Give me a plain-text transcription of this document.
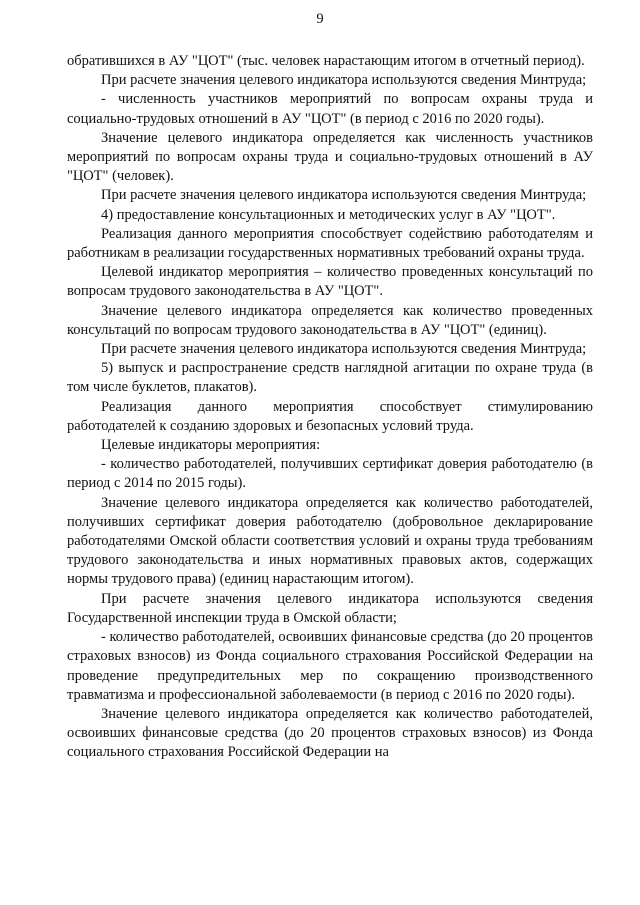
9

обратившихся в АУ "ЦОТ" (тыс. человек нарастающим итогом в отчетный период).

При расчете значения целевого индикатора используются сведения Минтруда;

- численность участников мероприятий по вопросам охраны труда и социально-трудовых отношений в АУ "ЦОТ" (в период с 2016 по 2020 годы).

Значение целевого индикатора определяется как численность участников мероприятий по вопросам охраны труда и социально-трудовых отношений в АУ "ЦОТ" (человек).

При расчете значения целевого индикатора используются сведения Минтруда;

4) предоставление консультационных и методических услуг в АУ "ЦОТ".

Реализация данного мероприятия способствует содействию работодателям и работникам в реализации государственных нормативных требований охраны труда.

Целевой индикатор мероприятия – количество проведенных консультаций по вопросам трудового законодательства в АУ "ЦОТ".

Значение целевого индикатора определяется как количество проведенных консультаций по вопросам трудового законодательства в АУ "ЦОТ" (единиц).

При расчете значения целевого индикатора используются сведения Минтруда;

5) выпуск и распространение средств наглядной агитации по охране труда (в том числе буклетов, плакатов).

Реализация данного мероприятия способствует стимулированию работодателей к созданию здоровых и безопасных условий труда.

Целевые индикаторы мероприятия:

- количество работодателей, получивших сертификат доверия работодателю (в период с 2014 по 2015 годы).

Значение целевого индикатора определяется как количество работодателей, получивших сертификат доверия работодателю (добровольное декларирование работодателями Омской области соответствия условий и охраны труда требованиям трудового законодательства и иных нормативных правовых актов, содержащих нормы трудового права) (единиц нарастающим итогом).

При расчете значения целевого индикатора используются сведения Государственной инспекции труда в Омской области;

- количество работодателей, освоивших финансовые средства (до 20 процентов страховых взносов) из Фонда социального страхования Российской Федерации на проведение предупредительных мер по сокращению производственного травматизма и профессиональной заболеваемости (в период с 2016 по 2020 годы).

Значение целевого индикатора определяется как количество работодателей, освоивших финансовые средства (до 20 процентов страховых взносов) из Фонда социального страхования Российской Федерации на
